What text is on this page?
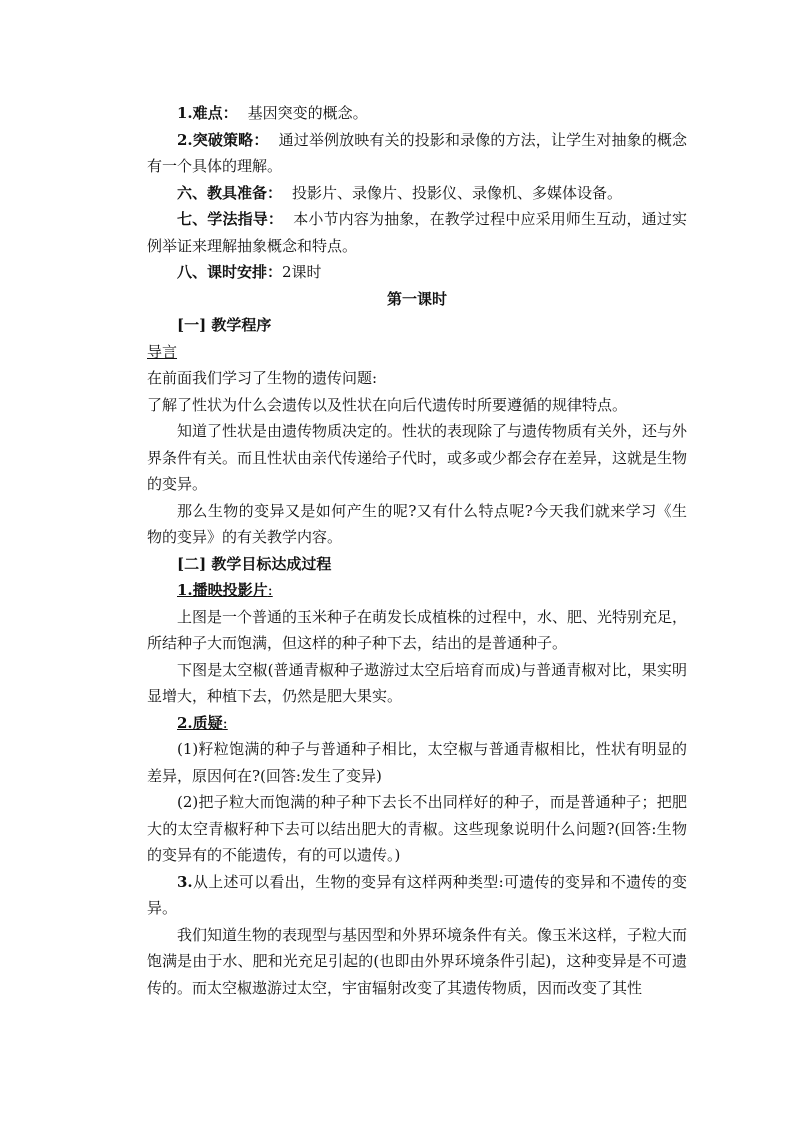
1.难点： 基因突变的概念。

2.突破策略： 通过举例放映有关的投影和录像的方法，让学生对抽象的概念有一个具体的理解。

六、教具准备： 投影片、录像片、投影仪、录像机、多媒体设备。

七、学法指导： 本小节内容为抽象，在教学过程中应采用师生互动，通过实例举证来理解抽象概念和特点。

八、课时安排：2课时

第一课时

[一] 教学程序

导言

在前面我们学习了生物的遗传问题:

了解了性状为什么会遗传以及性状在向后代遗传时所要遵循的规律特点。

知道了性状是由遗传物质决定的。性状的表现除了与遗传物质有关外，还与外界条件有关。而且性状由亲代传递给子代时，或多或少都会存在差异，这就是生物的变异。

那么生物的变异又是如何产生的呢?又有什么特点呢?今天我们就来学习《生物的变异》的有关教学内容。

[二] 教学目标达成过程

1.播映投影片:

上图是一个普通的玉米种子在萌发长成植株的过程中，水、肥、光特别充足，所结种子大而饱满，但这样的种子种下去，结出的是普通种子。

下图是太空椒(普通青椒种子遨游过太空后培育而成)与普通青椒对比，果实明显增大，种植下去，仍然是肥大果实。

2.质疑:

(1)籽粒饱满的种子与普通种子相比，太空椒与普通青椒相比，性状有明显的差异，原因何在?(回答:发生了变异)

(2)把子粒大而饱满的种子种下去长不出同样好的种子，而是普通种子；把肥大的太空青椒籽种下去可以结出肥大的青椒。这些现象说明什么问题?(回答:生物的变异有的不能遗传，有的可以遗传。)

3.从上述可以看出，生物的变异有这样两种类型:可遗传的变异和不遗传的变异。

我们知道生物的表现型与基因型和外界环境条件有关。像玉米这样，子粒大而饱满是由于水、肥和光充足引起的(也即由外界环境条件引起)，这种变异是不可遗传的。而太空椒遨游过太空，宇宙辐射改变了其遗传物质，因而改变了其性
